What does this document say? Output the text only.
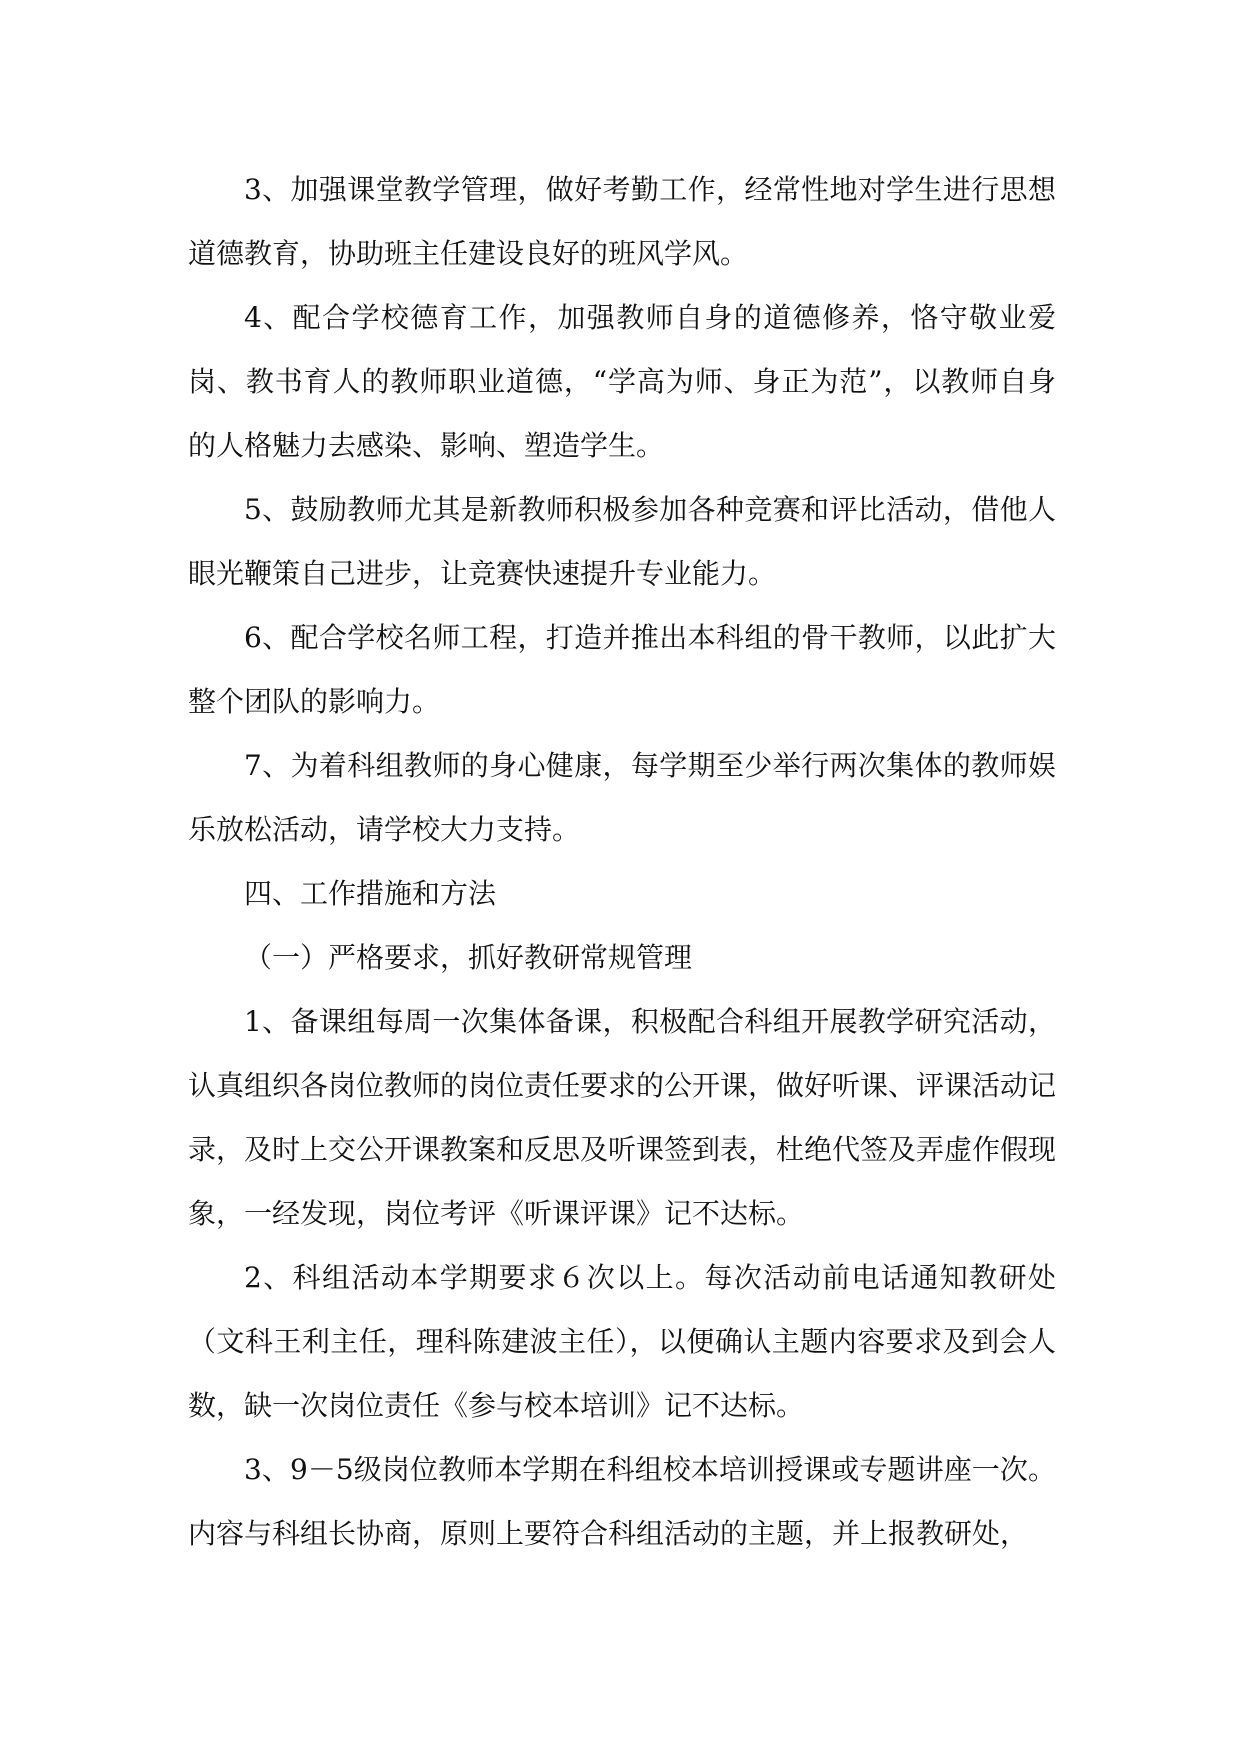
3、加强课堂教学管理，做好考勤工作，经常性地对学生进行思想道德教育，协助班主任建设良好的班风学风。

4、配合学校德育工作，加强教师自身的道德修养，恪守敬业爱岗、教书育人的教师职业道德，“学高为师、身正为范”，以教师自身的人格魅力去感染、影响、塑造学生。

5、鼓励教师尤其是新教师积极参加各种竞赛和评比活动，借他人眼光鞭策自己进步，让竞赛快速提升专业能力。

6、配合学校名师工程，打造并推出本科组的骨干教师，以此扩大整个团队的影响力。

7、为着科组教师的身心健康，每学期至少举行两次集体的教师娱乐放松活动，请学校大力支持。

四、工作措施和方法

（一）严格要求，抓好教研常规管理

1、备课组每周一次集体备课，积极配合科组开展教学研究活动，认真组织各岗位教师的岗位责任要求的公开课，做好听课、评课活动记录，及时上交公开课教案和反思及听课签到表，杜绝代签及弄虚作假现象，一经发现，岗位考评《听课评课》记不达标。

2、科组活动本学期要求６次以上。每次活动前电话通知教研处（文科王利主任，理科陈建波主任），以便确认主题内容要求及到会人数，缺一次岗位责任《参与校本培训》记不达标。

3、9－5级岗位教师本学期在科组校本培训授课或专题讲座一次。内容与科组长协商，原则上要符合科组活动的主题，并上报教研处，
